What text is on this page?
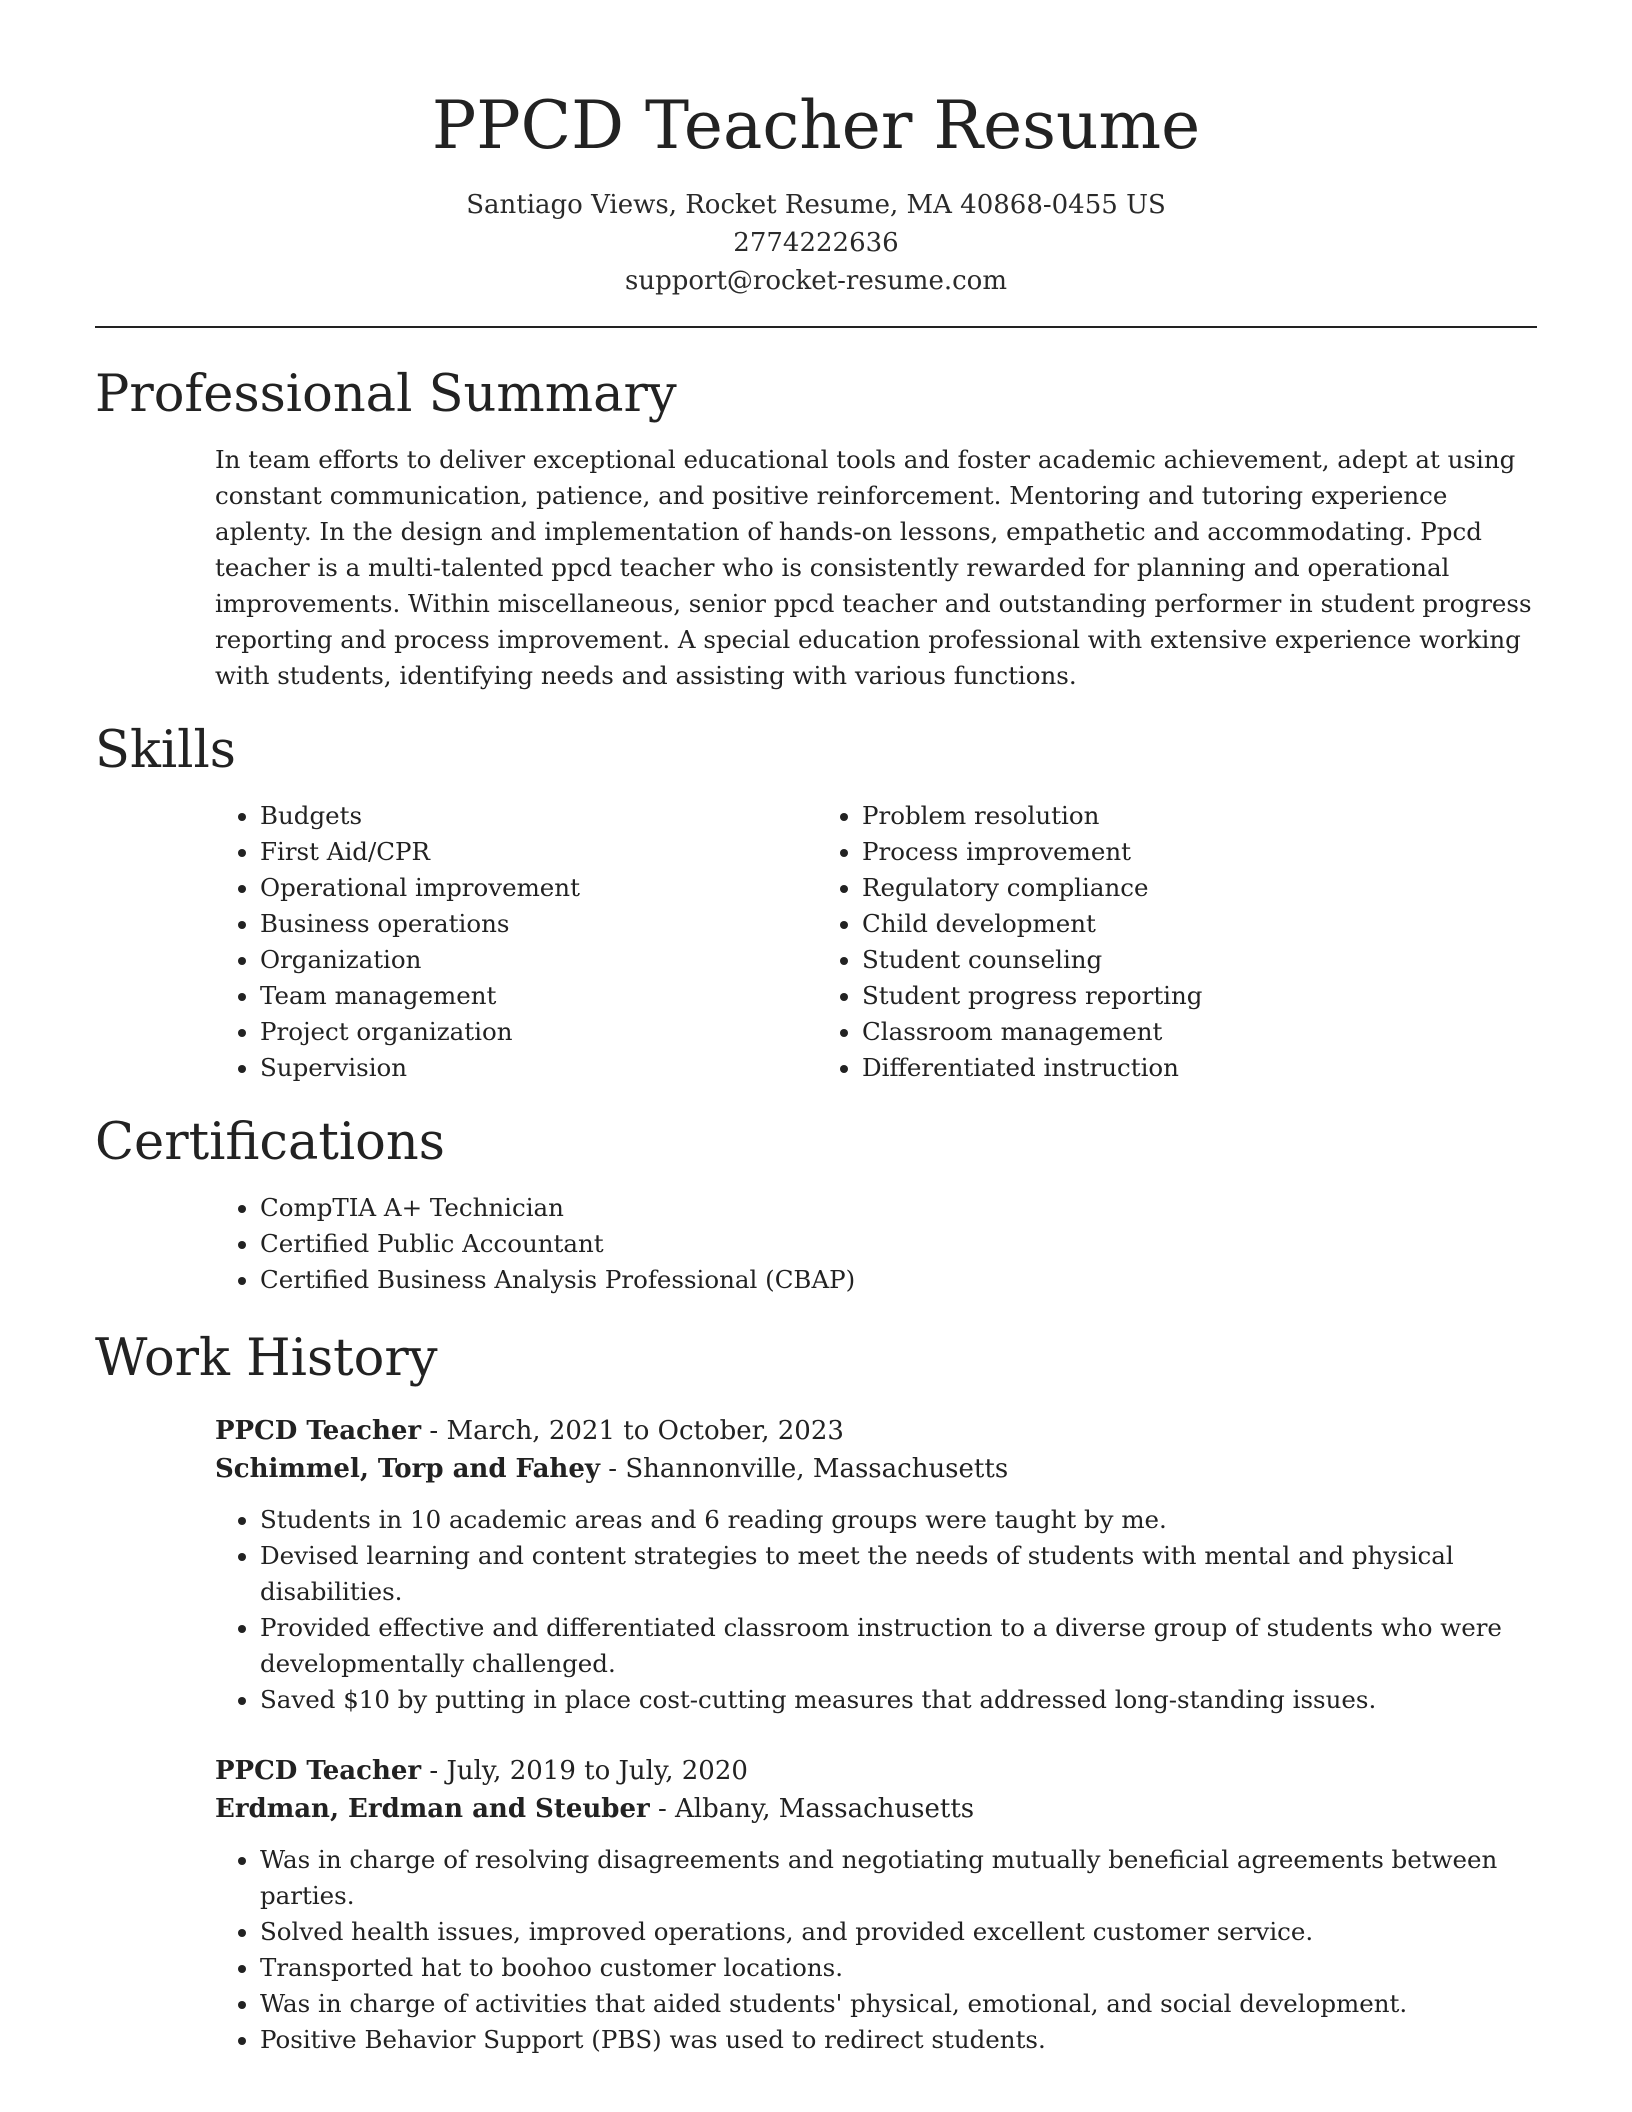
PPCD Teacher Resume
Santiago Views, Rocket Resume, MA 40868-0455 US
2774222636
support@rocket-resume.com
Professional Summary
In team efforts to deliver exceptional educational tools and foster academic achievement, adept at using constant communication, patience, and positive reinforcement. Mentoring and tutoring experience aplenty. In the design and implementation of hands-on lessons, empathetic and accommodating. Ppcd teacher is a multi-talented ppcd teacher who is consistently rewarded for planning and operational improvements. Within miscellaneous, senior ppcd teacher and outstanding performer in student progress reporting and process improvement. A special education professional with extensive experience working with students, identifying needs and assisting with various functions.
Skills
• Budgets
• First Aid/CPR
• Operational improvement
• Business operations
• Organization
• Team management
• Project organization
• Supervision
• Problem resolution
• Process improvement
• Regulatory compliance
• Child development
• Student counseling
• Student progress reporting
• Classroom management
• Differentiated instruction
Certifications
• CompTIA A+ Technician
• Certified Public Accountant
• Certified Business Analysis Professional (CBAP)
Work History
PPCD Teacher - March, 2021 to October, 2023
Schimmel, Torp and Fahey - Shannonville, Massachusetts
• Students in 10 academic areas and 6 reading groups were taught by me.
• Devised learning and content strategies to meet the needs of students with mental and physical disabilities.
• Provided effective and differentiated classroom instruction to a diverse group of students who were developmentally challenged.
• Saved $10 by putting in place cost-cutting measures that addressed long-standing issues.
PPCD Teacher - July, 2019 to July, 2020
Erdman, Erdman and Steuber - Albany, Massachusetts
• Was in charge of resolving disagreements and negotiating mutually beneficial agreements between parties.
• Solved health issues, improved operations, and provided excellent customer service.
• Transported hat to boohoo customer locations.
• Was in charge of activities that aided students' physical, emotional, and social development.
• Positive Behavior Support (PBS) was used to redirect students.
